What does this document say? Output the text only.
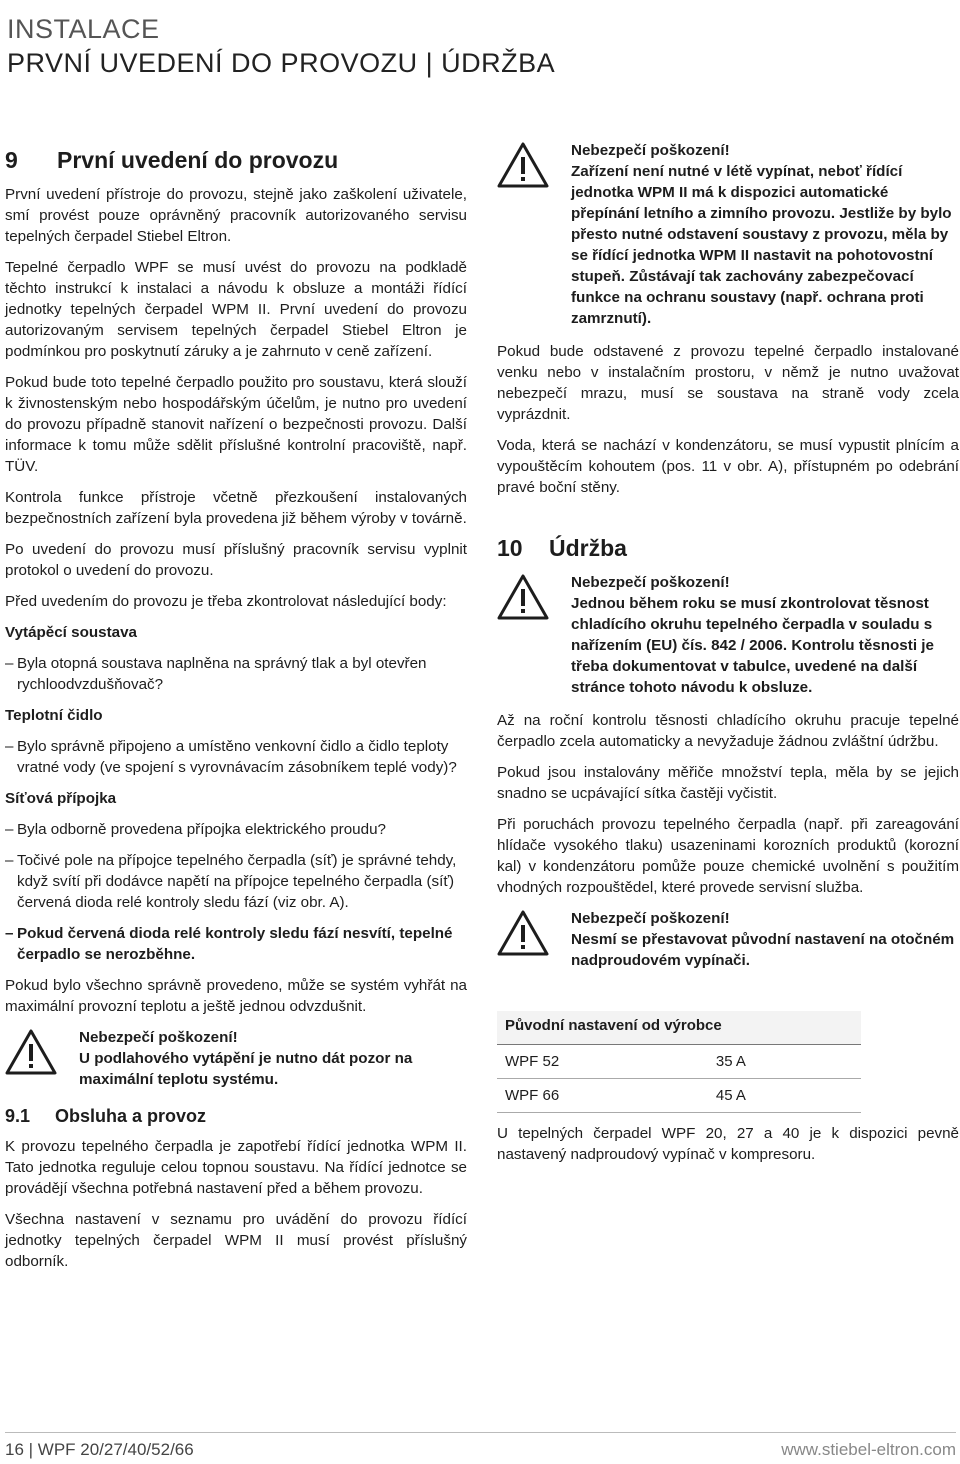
INSTALACE
PRVNÍ UVEDENÍ DO PROVOZU | ÚDRŽBA
9 První uvedení do provozu

První uvedení přístroje do provozu, stejně jako zaškolení uživatele, smí provést pouze oprávněný pracovník autorizovaného servisu tepelných čerpadel Stiebel Eltron.

Tepelné čerpadlo WPF se musí uvést do provozu na podkladě těchto instrukcí k instalaci a návodu k obsluze a montáži řídící jednotky tepelných čerpadel WPM II. První uvedení do provozu autorizovaným servisem tepelných čerpadel Stiebel Eltron je podmínkou pro poskytnutí záruky a je zahrnuto v ceně zařízení.

Pokud bude toto tepelné čerpadlo použito pro soustavu, která slouží k živnostenským nebo hospodářským účelům, je nutno pro uvedení do provozu případně stanovit nařízení o bezpečnosti provozu. Další informace k tomu může sdělit příslušné kontrolní pracoviště, např. TÜV.

Kontrola funkce přístroje včetně přezkoušení instalovaných bezpečnostních zařízení byla provedena již během výroby v továrně.

Po uvedení do provozu musí příslušný pracovník servisu vyplnit protokol o uvedení do provozu.

Před uvedením do provozu je třeba zkontrolovat následující body:

Vytápěcí soustava
– Byla otopná soustava naplněna na správný tlak a byl otevřen rychloodvzdušňovač?
Teplotní čidlo
– Bylo správně připojeno a umístěno venkovní čidlo a čidlo teploty vratné vody (ve spojení s vyrovnávacím zásobníkem teplé vody)?
Síťová přípojka
– Byla odborně provedena přípojka elektrického proudu?
– Točivé pole na přípojce tepelného čerpadla (síť) je správné tehdy, když svítí při dodávce napětí na přípojce tepelného čerpadla (síť) červená dioda relé kontroly sledu fází (viz obr. A).
– Pokud červená dioda relé kontroly sledu fází nesvítí, tepelné čerpadlo se nerozběhne.

Pokud bylo všechno správně provedeno, může se systém vyhřát na maximální provozní teplotu a ještě jednou odvzdušnit.

Nebezpečí poškození!
U podlahového vytápění je nutno dát pozor na maximální teplotu systému.
9.1 Obsluha a provoz

K provozu tepelného čerpadla je zapotřebí řídící jednotka WPM II. Tato jednotka reguluje celou topnou soustavu. Na řídící jednotce se provádějí všechna potřebná nastavení před a během provozu.

Všechna nastavení v seznamu pro uvádění do provozu řídící jednotky tepelných čerpadel WPM II musí provést příslušný odborník.

Nebezpečí poškození!
Zařízení není nutné v létě vypínat, neboť řídící jednotka WPM II má k dispozici automatické přepínání letního a zimního provozu. Jestliže by bylo přesto nutné odstavení soustavy z provozu, měla by se řídící jednotka WPM II nastavit na pohotovostní stupeň. Zůstávají tak zachovány zabezpečovací funkce na ochranu soustavy (např. ochrana proti zamrznutí).

Pokud bude odstavené z provozu tepelné čerpadlo instalované venku nebo v instalačním prostoru, v němž je nutno uvažovat nebezpečí mrazu, musí se soustava na straně vody zcela vyprázdnit.

Voda, která se nachází v kondenzátoru, se musí vypustit plnícím a vypouštěcím kohoutem (pos. 11 v obr. A), přístupném po odebrání pravé boční stěny.

10 Údržba
Nebezpečí poškození!
Jednou během roku se musí zkontrolovat těsnost chladícího okruhu tepelného čerpadla v souladu s nařízením (EU) čís. 842 / 2006. Kontrolu těsnosti je třeba dokumentovat v tabulce, uvedené na další stránce tohoto návodu k obsluze.

Až na roční kontrolu těsnosti chladícího okruhu pracuje tepelné čerpadlo zcela automaticky a nevyžaduje žádnou zvláštní údržbu.

Pokud jsou instalovány měřiče množství tepla, měla by se jejich snadno se ucpávající sítka častěji vyčistit.

Při poruchách provozu tepelného čerpadla (např. při zareagování hlídače vysokého tlaku) usazeninami korozních produktů (korozní kal) v kondenzátoru pomůže pouze chemické uvolnění s použitím vhodných rozpouštědel, které provede servisní služba.

Nebezpečí poškození!
Nesmí se přestavovat původní nastavení na otočném nadproudovém vypínači.
Původní nastavení od výrobce	
WPF 52	35 A
WPF 66	45 A

U tepelných čerpadel WPF 20, 27 a 40 je k dispozici pevně nastavený nadproudový vypínač v kompresoru.

16 | WPF 20/27/40/52/66	www.stiebel-eltron.com
